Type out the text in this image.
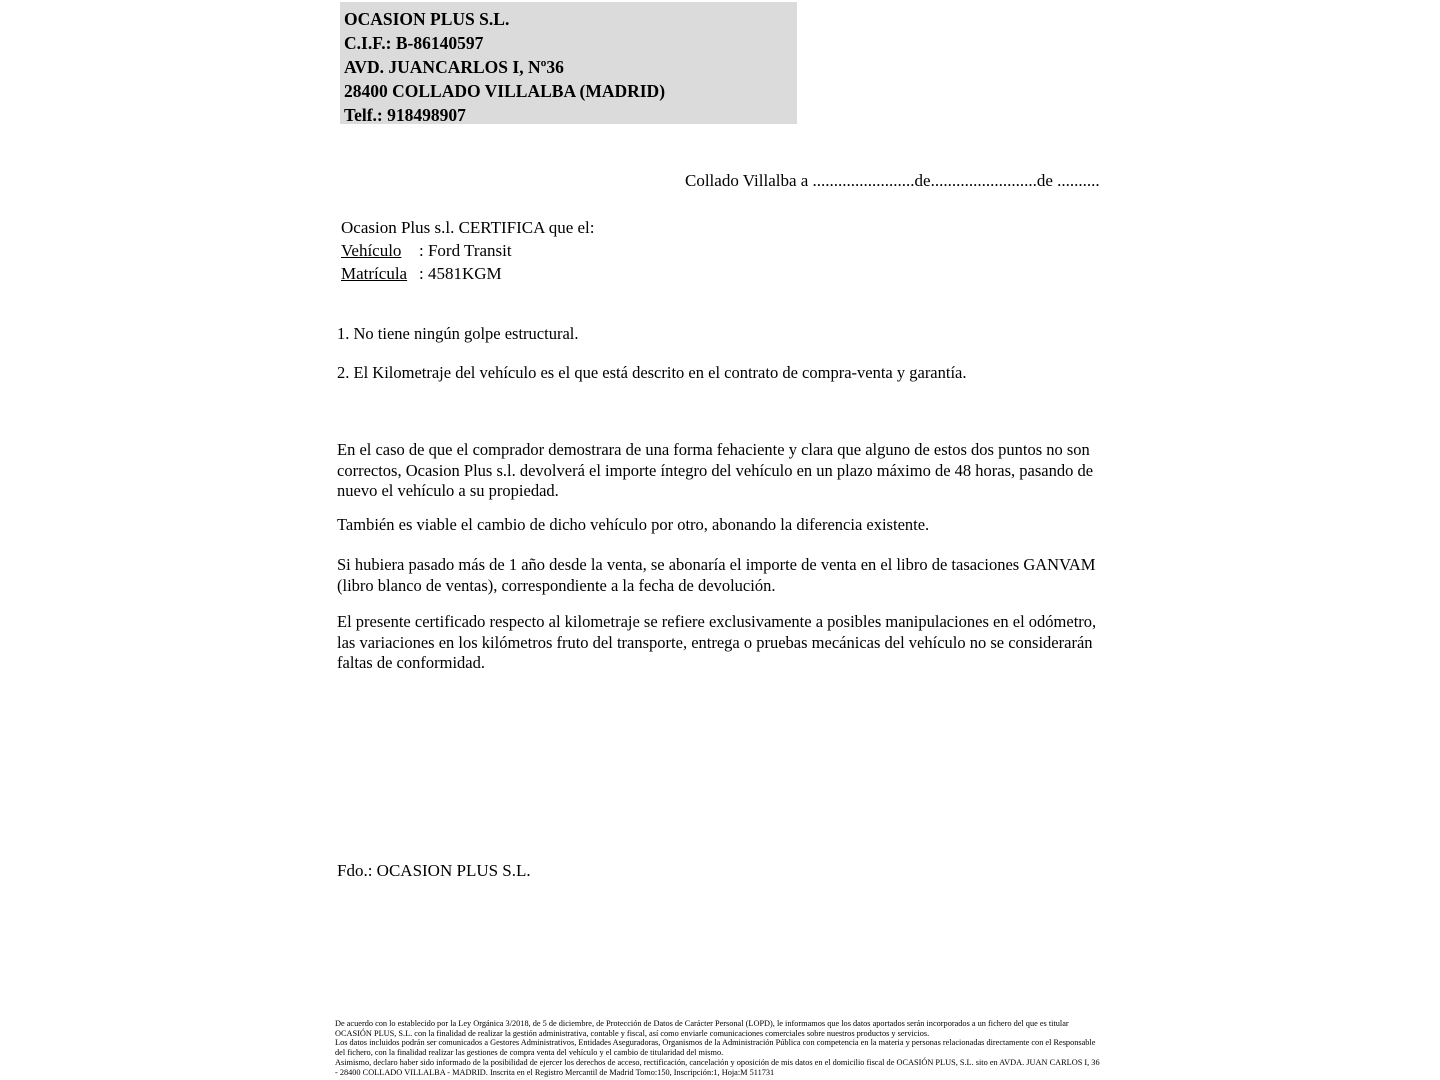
OCASION PLUS S.L.
C.I.F.: B-86140597
AVD. JUANCARLOS I, Nº36
28400 COLLADO VILLALBA (MADRID)
Telf.: 918498907
Collado Villalba a ........................de.........................de ..........
Ocasion Plus s.l. CERTIFICA que el:
Vehículo	: Ford Transit
Matrícula : 4581KGM
1. No tiene ningún golpe estructural.
2. El Kilometraje del vehículo es el que está descrito en el contrato de compra-venta y garantía.
En el caso de que el comprador demostrara de una forma fehaciente y clara que alguno de estos dos puntos no son correctos, Ocasion Plus s.l. devolverá el importe íntegro del vehículo en un plazo máximo de 48 horas, pasando de nuevo el vehículo a su propiedad.
También es viable el cambio de dicho vehículo por otro, abonando la diferencia existente.
Si hubiera pasado más de 1 año desde la venta, se abonaría el importe de venta en el libro de tasaciones GANVAM (libro blanco de ventas), correspondiente a la fecha de devolución.
El presente certificado respecto al kilometraje se refiere exclusivamente a posibles manipulaciones en el odómetro, las variaciones en los kilómetros fruto del transporte, entrega o pruebas mecánicas del vehículo no se considerarán faltas de conformidad.
Fdo.: OCASION PLUS S.L.

De acuerdo con lo establecido por la Ley Orgánica 3/2018, de 5 de diciembre, de Protección de Datos de Carácter Personal (LOPD), le informamos que los datos aportados serán incorporados a un fichero del que es titular OCASIÓN PLUS, S.L. con la finalidad de realizar la gestión administrativa, contable y fiscal, así como enviarle comunicaciones comerciales sobre nuestros productos y servicios.

Los datos incluidos podrán ser comunicados a Gestores Administrativos, Entidades Aseguradoras, Organismos de la Administración Pública con competencia en la materia y personas relacionadas directamente con el Responsable del fichero, con la finalidad realizar las gestiones de compra venta del vehículo y el cambio de titularidad del mismo.

Asimismo, declaro haber sido informado de la posibilidad de ejercer los derechos de acceso, rectificación, cancelación y oposición de mis datos en el domicilio fiscal de OCASIÓN PLUS, S.L. sito en AVDA. JUAN CARLOS I, 36 - 28400 COLLADO VILLALBA - MADRID. Inscrita en el Registro Mercantil de Madrid Tomo:150, Inscripción:1, Hoja:M 511731
